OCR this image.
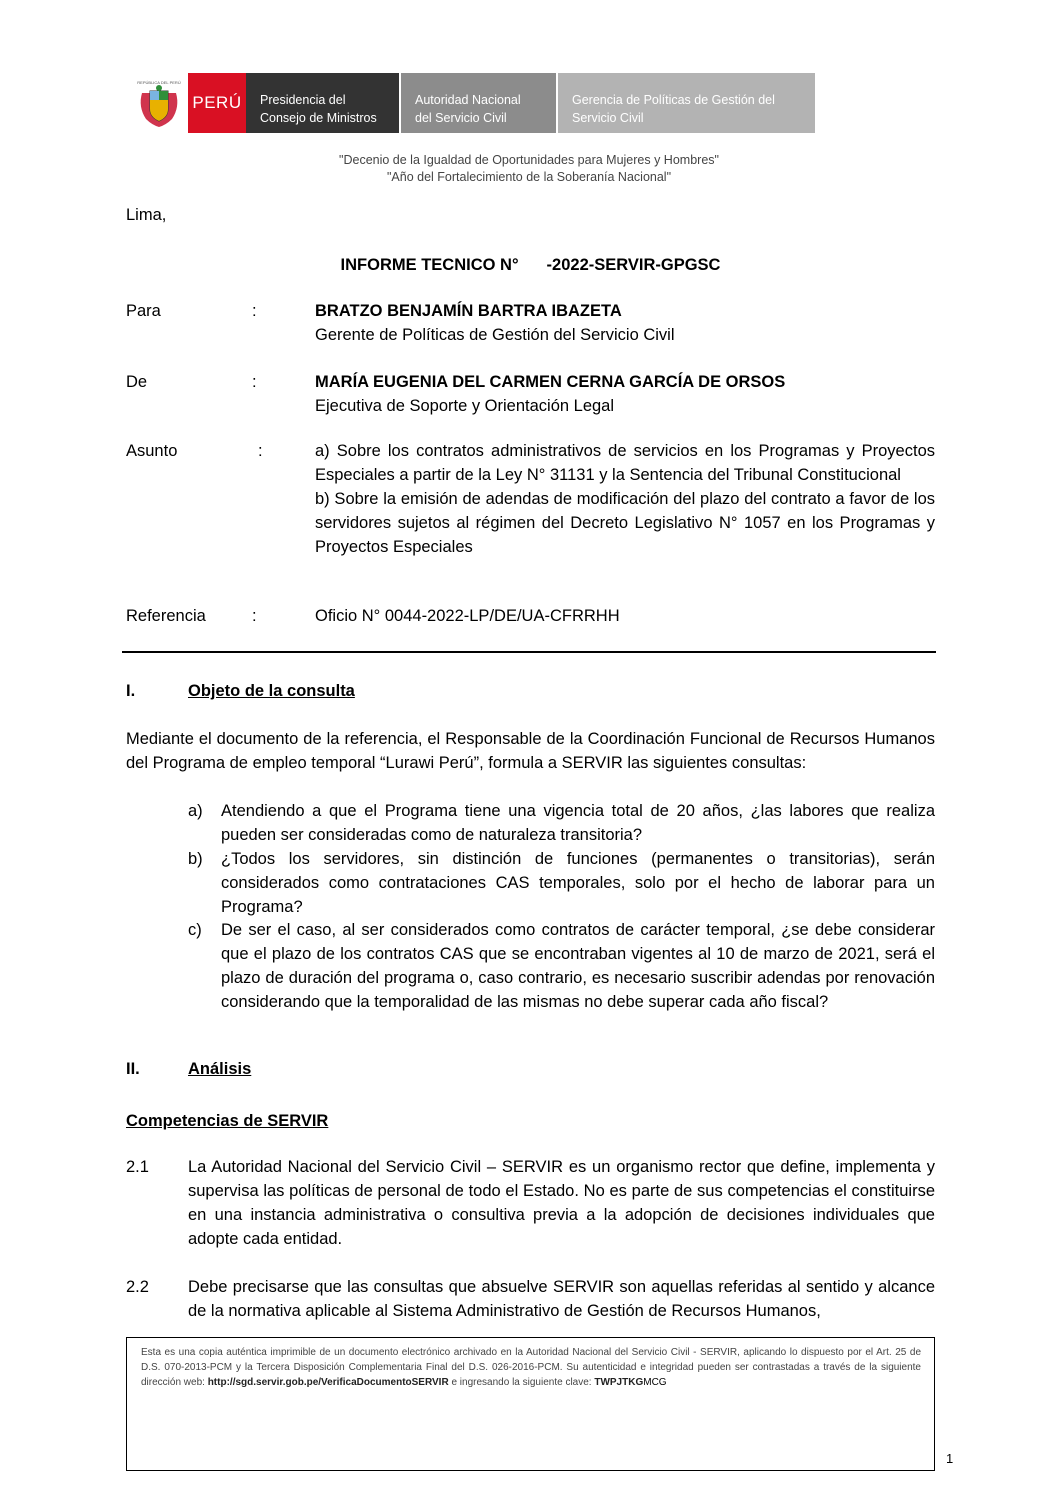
REPÚBLICA DEL PERÚ
PERÚ Presidencia del
Consejo de Ministros
Autoridad Nacional
del Servicio Civil
Gerencia de Políticas de Gestión del
Servicio Civil
"Decenio de la Igualdad de Oportunidades para Mujeres y Hombres"
"Año del Fortalecimiento de la Soberanía Nacional"
Lima,
INFORME TECNICO N° -2022-SERVIR-GPGSC
Para	:	BRATZO BENJAMÍN BARTRA IBAZETA
Gerente de Políticas de Gestión del Servicio Civil
De	:	MARÍA EUGENIA DEL CARMEN CERNA GARCÍA DE ORSOS
Ejecutiva de Soporte y Orientación Legal
Asunto	:	a) Sobre los contratos administrativos de servicios en los Programas y Proyectos Especiales a partir de la Ley N° 31131 y la Sentencia del Tribunal Constitucional
b) Sobre la emisión de adendas de modificación del plazo del contrato a favor de los servidores sujetos al régimen del Decreto Legislativo N° 1057 en los Programas y Proyectos Especiales
Referencia	:	Oficio N° 0044-2022-LP/DE/UA-CFRRHH
I.	Objeto de la consulta
Mediante el documento de la referencia, el Responsable de la Coordinación Funcional de Recursos Humanos del Programa de empleo temporal “Lurawi Perú”, formula a SERVIR las siguientes consultas:
a)	Atendiendo a que el Programa tiene una vigencia total de 20 años, ¿las labores que realiza pueden ser consideradas como de naturaleza transitoria?
b)	¿Todos los servidores, sin distinción de funciones (permanentes o transitorias), serán considerados como contrataciones CAS temporales, solo por el hecho de laborar para un Programa?
c)	De ser el caso, al ser considerados como contratos de carácter temporal, ¿se debe considerar que el plazo de los contratos CAS que se encontraban vigentes al 10 de marzo de 2021, será el plazo de duración del programa o, caso contrario, es necesario suscribir adendas por renovación considerando que la temporalidad de las mismas no debe superar cada año fiscal?
II.	Análisis
Competencias de SERVIR
2.1	La Autoridad Nacional del Servicio Civil – SERVIR es un organismo rector que define, implementa y supervisa las políticas de personal de todo el Estado. No es parte de sus competencias el constituirse en una instancia administrativa o consultiva previa a la adopción de decisiones individuales que adopte cada entidad.
2.2	Debe precisarse que las consultas que absuelve SERVIR son aquellas referidas al sentido y alcance de la normativa aplicable al Sistema Administrativo de Gestión de Recursos Humanos,
Esta es una copia auténtica imprimible de un documento electrónico archivado en la Autoridad Nacional del Servicio Civil - SERVIR, aplicando lo dispuesto por el Art. 25 de D.S. 070-2013-PCM y la Tercera Disposición Complementaria Final del D.S. 026-2016-PCM. Su autenticidad e integridad pueden ser contrastadas a través de la siguiente dirección web: http://sgd.servir.gob.pe/VerificaDocumentoSERVIR e ingresando la siguiente clave: TWPJTKGMCG
1
